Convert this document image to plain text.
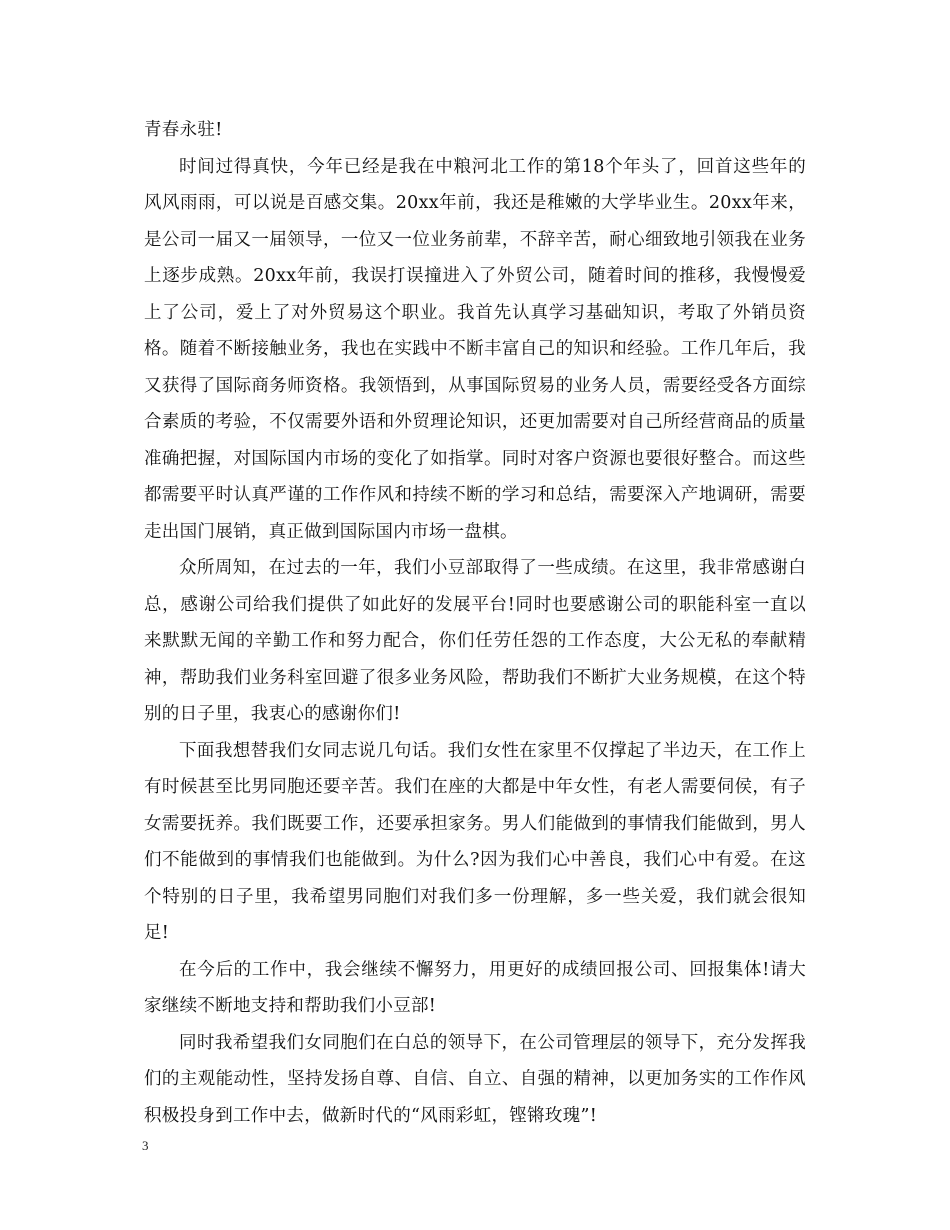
青春永驻!

时间过得真快，今年已经是我在中粮河北工作的第18个年头了，回首这些年的风风雨雨，可以说是百感交集。20xx年前，我还是稚嫩的大学毕业生。20xx年来，是公司一届又一届领导，一位又一位业务前辈，不辞辛苦，耐心细致地引领我在业务上逐步成熟。20xx年前，我误打误撞进入了外贸公司，随着时间的推移，我慢慢爱上了公司，爱上了对外贸易这个职业。我首先认真学习基础知识，考取了外销员资格。随着不断接触业务，我也在实践中不断丰富自己的知识和经验。工作几年后，我又获得了国际商务师资格。我领悟到，从事国际贸易的业务人员，需要经受各方面综合素质的考验，不仅需要外语和外贸理论知识，还更加需要对自己所经营商品的质量准确把握，对国际国内市场的变化了如指掌。同时对客户资源也要很好整合。而这些都需要平时认真严谨的工作作风和持续不断的学习和总结，需要深入产地调研，需要走出国门展销，真正做到国际国内市场一盘棋。

众所周知，在过去的一年，我们小豆部取得了一些成绩。在这里，我非常感谢白总，感谢公司给我们提供了如此好的发展平台!同时也要感谢公司的职能科室一直以来默默无闻的辛勤工作和努力配合，你们任劳任怨的工作态度，大公无私的奉献精神，帮助我们业务科室回避了很多业务风险，帮助我们不断扩大业务规模，在这个特别的日子里，我衷心的感谢你们!

下面我想替我们女同志说几句话。我们女性在家里不仅撑起了半边天，在工作上有时候甚至比男同胞还要辛苦。我们在座的大都是中年女性，有老人需要伺侯，有子女需要抚养。我们既要工作，还要承担家务。男人们能做到的事情我们能做到，男人们不能做到的事情我们也能做到。为什么?因为我们心中善良，我们心中有爱。在这个特别的日子里，我希望男同胞们对我们多一份理解，多一些关爱，我们就会很知足!

在今后的工作中，我会继续不懈努力，用更好的成绩回报公司、回报集体!请大家继续不断地支持和帮助我们小豆部!

同时我希望我们女同胞们在白总的领导下，在公司管理层的领导下，充分发挥我们的主观能动性，坚持发扬自尊、自信、自立、自强的精神，以更加务实的工作作风积极投身到工作中去，做新时代的“风雨彩虹，铿锵玫瑰”!

3
